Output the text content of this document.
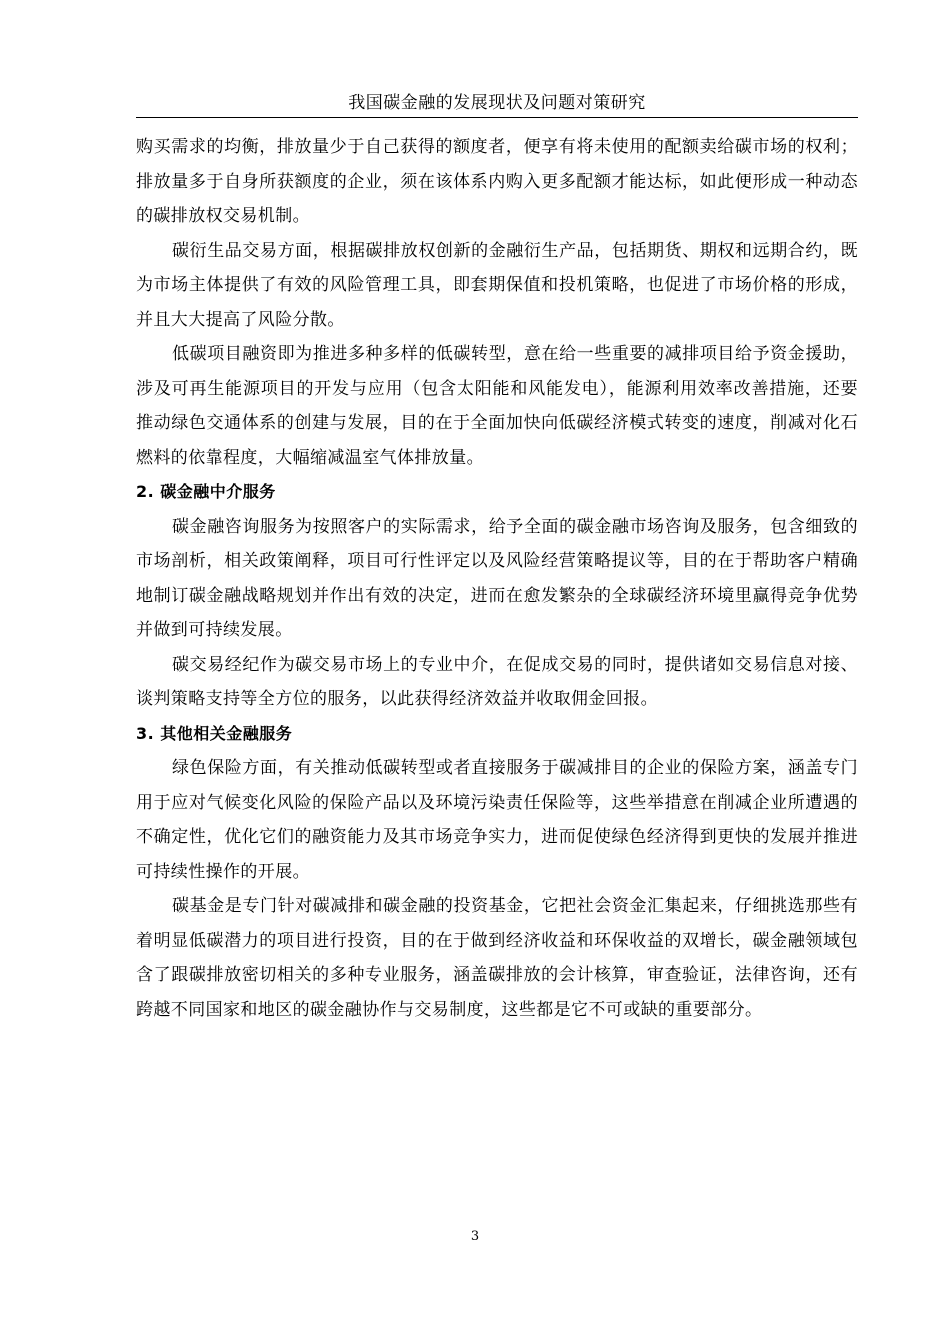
我国碳金融的发展现状及问题对策研究

购买需求的均衡，排放量少于自己获得的额度者，便享有将未使用的配额卖给碳市场的权利；排放量多于自身所获额度的企业，须在该体系内购入更多配额才能达标，如此便形成一种动态的碳排放权交易机制。

碳衍生品交易方面，根据碳排放权创新的金融衍生产品，包括期货、期权和远期合约，既为市场主体提供了有效的风险管理工具，即套期保值和投机策略，也促进了市场价格的形成，并且大大提高了风险分散。

低碳项目融资即为推进多种多样的低碳转型，意在给一些重要的减排项目给予资金援助，涉及可再生能源项目的开发与应用（包含太阳能和风能发电），能源利用效率改善措施，还要推动绿色交通体系的创建与发展，目的在于全面加快向低碳经济模式转变的速度，削减对化石燃料的依靠程度，大幅缩减温室气体排放量。

2. 碳金融中介服务

碳金融咨询服务为按照客户的实际需求，给予全面的碳金融市场咨询及服务，包含细致的市场剖析，相关政策阐释，项目可行性评定以及风险经营策略提议等，目的在于帮助客户精确地制订碳金融战略规划并作出有效的决定，进而在愈发繁杂的全球碳经济环境里赢得竞争优势并做到可持续发展。

碳交易经纪作为碳交易市场上的专业中介，在促成交易的同时，提供诸如交易信息对接、谈判策略支持等全方位的服务，以此获得经济效益并收取佣金回报。

3. 其他相关金融服务

绿色保险方面，有关推动低碳转型或者直接服务于碳减排目的企业的保险方案，涵盖专门用于应对气候变化风险的保险产品以及环境污染责任保险等，这些举措意在削减企业所遭遇的不确定性，优化它们的融资能力及其市场竞争实力，进而促使绿色经济得到更快的发展并推进可持续性操作的开展。

碳基金是专门针对碳减排和碳金融的投资基金，它把社会资金汇集起来，仔细挑选那些有着明显低碳潜力的项目进行投资，目的在于做到经济收益和环保收益的双增长，碳金融领域包含了跟碳排放密切相关的多种专业服务，涵盖碳排放的会计核算，审查验证，法律咨询，还有跨越不同国家和地区的碳金融协作与交易制度，这些都是它不可或缺的重要部分。

3
